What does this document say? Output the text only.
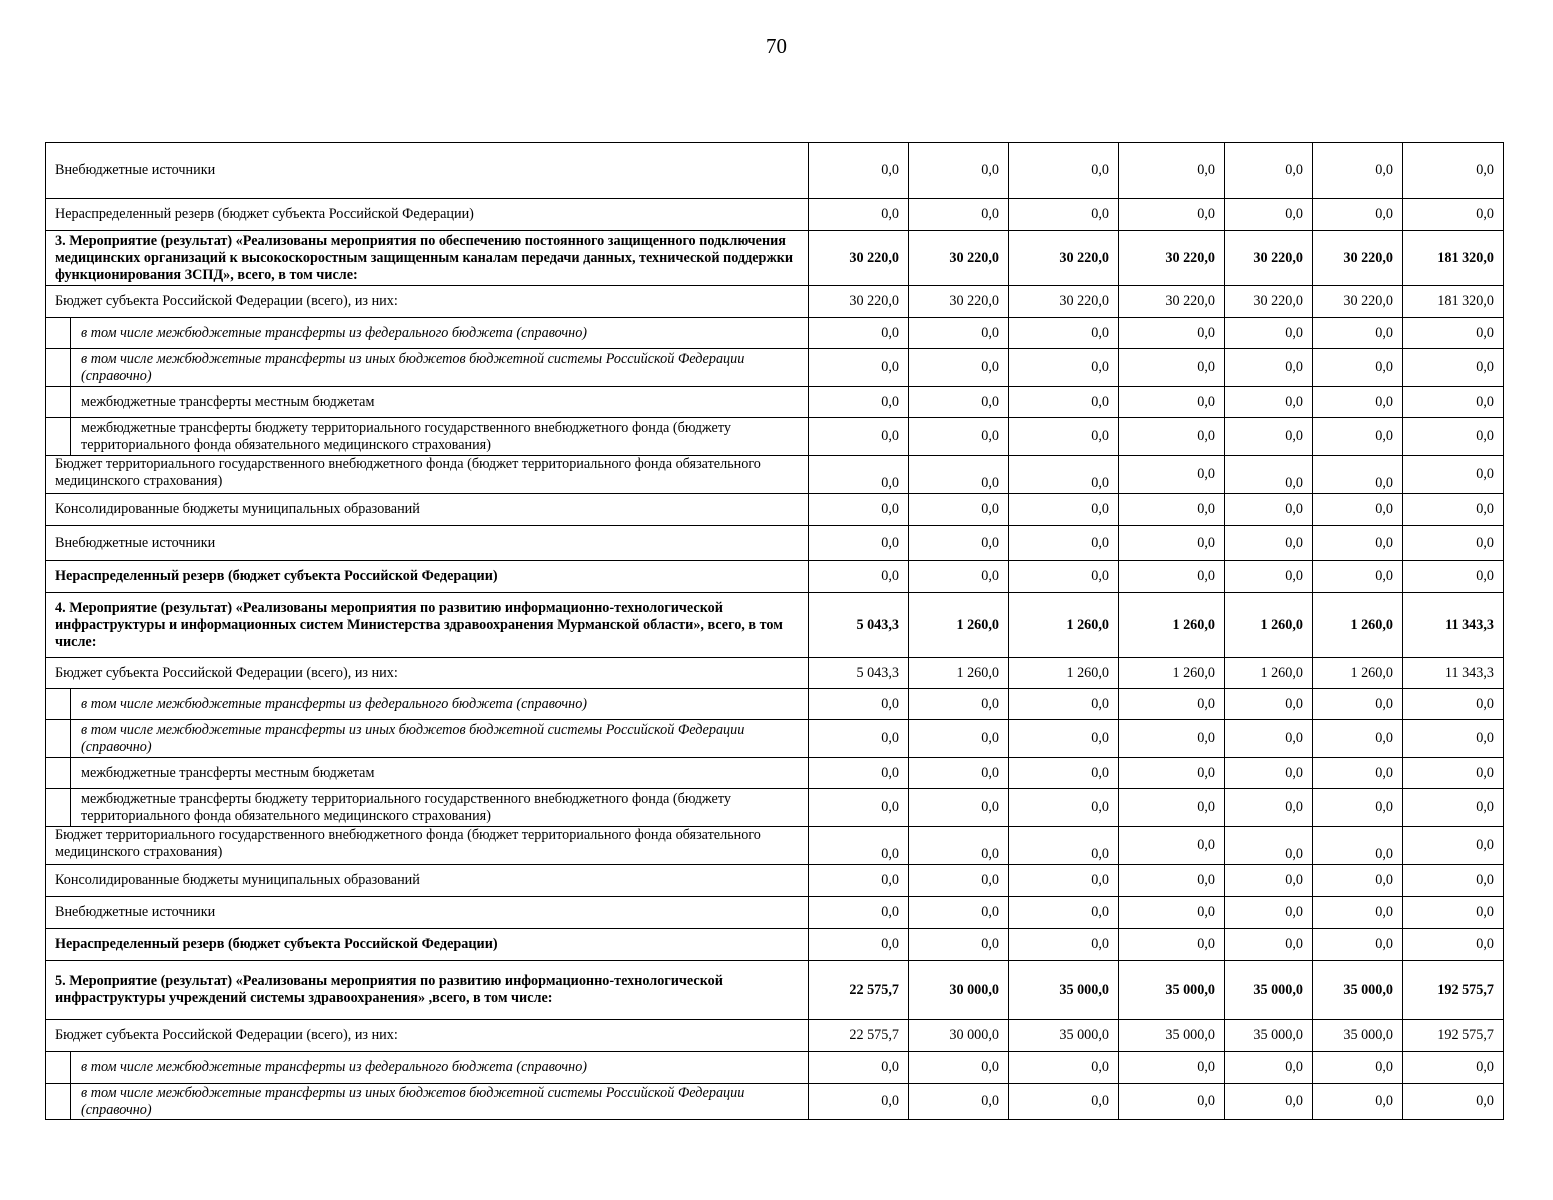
70
Внебюджетные источники		0,0	0,0	0,0	0,0	0,0	0,0	0,0
Нераспределенный резерв (бюджет субъекта Российской Федерации)		0,0	0,0	0,0	0,0	0,0	0,0	0,0
3. Мероприятие (результат) «Реализованы мероприятия по обеспечению постоянного защищенного подключения медицинских организаций к высокоскоростным защищенным каналам передачи данных, технической поддержки функционирования ЗСПД», всего, в том числе:		30 220,0	30 220,0	30 220,0	30 220,0	30 220,0	30 220,0	181 320,0
Бюджет субъекта Российской Федерации (всего), из них:		30 220,0	30 220,0	30 220,0	30 220,0	30 220,0	30 220,0	181 320,0
	в том числе межбюджетные трансферты из федерального бюджета (справочно)	0,0	0,0	0,0	0,0	0,0	0,0	0,0
	в том числе межбюджетные трансферты из иных бюджетов бюджетной системы Российской Федерации (справочно)	0,0	0,0	0,0	0,0	0,0	0,0	0,0
	межбюджетные трансферты местным бюджетам	0,0	0,0	0,0	0,0	0,0	0,0	0,0
	межбюджетные трансферты бюджету территориального государственного внебюджетного фонда (бюджету территориального фонда обязательного медицинского страхования)	0,0	0,0	0,0	0,0	0,0	0,0	0,0
Бюджет территориального государственного внебюджетного фонда (бюджет территориального фонда обязательного медицинского страхования)		0,0	0,0	0,0	0,0	0,0	0,0	0,0
Консолидированные бюджеты муниципальных образований		0,0	0,0	0,0	0,0	0,0	0,0	0,0
Внебюджетные источники		0,0	0,0	0,0	0,0	0,0	0,0	0,0
Нераспределенный резерв (бюджет субъекта Российской Федерации)		0,0	0,0	0,0	0,0	0,0	0,0	0,0
4. Мероприятие (результат) «Реализованы мероприятия по развитию информационно-технологической инфраструктуры и информационных систем Министерства здравоохранения Мурманской области», всего, в том числе:		5 043,3	1 260,0	1 260,0	1 260,0	1 260,0	1 260,0	11 343,3
Бюджет субъекта Российской Федерации (всего), из них:		5 043,3	1 260,0	1 260,0	1 260,0	1 260,0	1 260,0	11 343,3
	в том числе межбюджетные трансферты из федерального бюджета (справочно)	0,0	0,0	0,0	0,0	0,0	0,0	0,0
	в том числе межбюджетные трансферты из иных бюджетов бюджетной системы Российской Федерации (справочно)	0,0	0,0	0,0	0,0	0,0	0,0	0,0
	межбюджетные трансферты местным бюджетам	0,0	0,0	0,0	0,0	0,0	0,0	0,0
	межбюджетные трансферты бюджету территориального государственного внебюджетного фонда (бюджету территориального фонда обязательного медицинского страхования)	0,0	0,0	0,0	0,0	0,0	0,0	0,0
Бюджет территориального государственного внебюджетного фонда (бюджет территориального фонда обязательного медицинского страхования)		0,0	0,0	0,0	0,0	0,0	0,0	0,0
Консолидированные бюджеты муниципальных образований		0,0	0,0	0,0	0,0	0,0	0,0	0,0
Внебюджетные источники		0,0	0,0	0,0	0,0	0,0	0,0	0,0
Нераспределенный резерв (бюджет субъекта Российской Федерации)		0,0	0,0	0,0	0,0	0,0	0,0	0,0
5. Мероприятие (результат) «Реализованы мероприятия по развитию информационно-технологической инфраструктуры учреждений системы здравоохранения» ,всего, в том числе:		22 575,7	30 000,0	35 000,0	35 000,0	35 000,0	35 000,0	192 575,7
Бюджет субъекта Российской Федерации (всего), из них:		22 575,7	30 000,0	35 000,0	35 000,0	35 000,0	35 000,0	192 575,7
	в том числе межбюджетные трансферты из федерального бюджета (справочно)	0,0	0,0	0,0	0,0	0,0	0,0	0,0
	в том числе межбюджетные трансферты из иных бюджетов бюджетной системы Российской Федерации (справочно)	0,0	0,0	0,0	0,0	0,0	0,0	0,0
